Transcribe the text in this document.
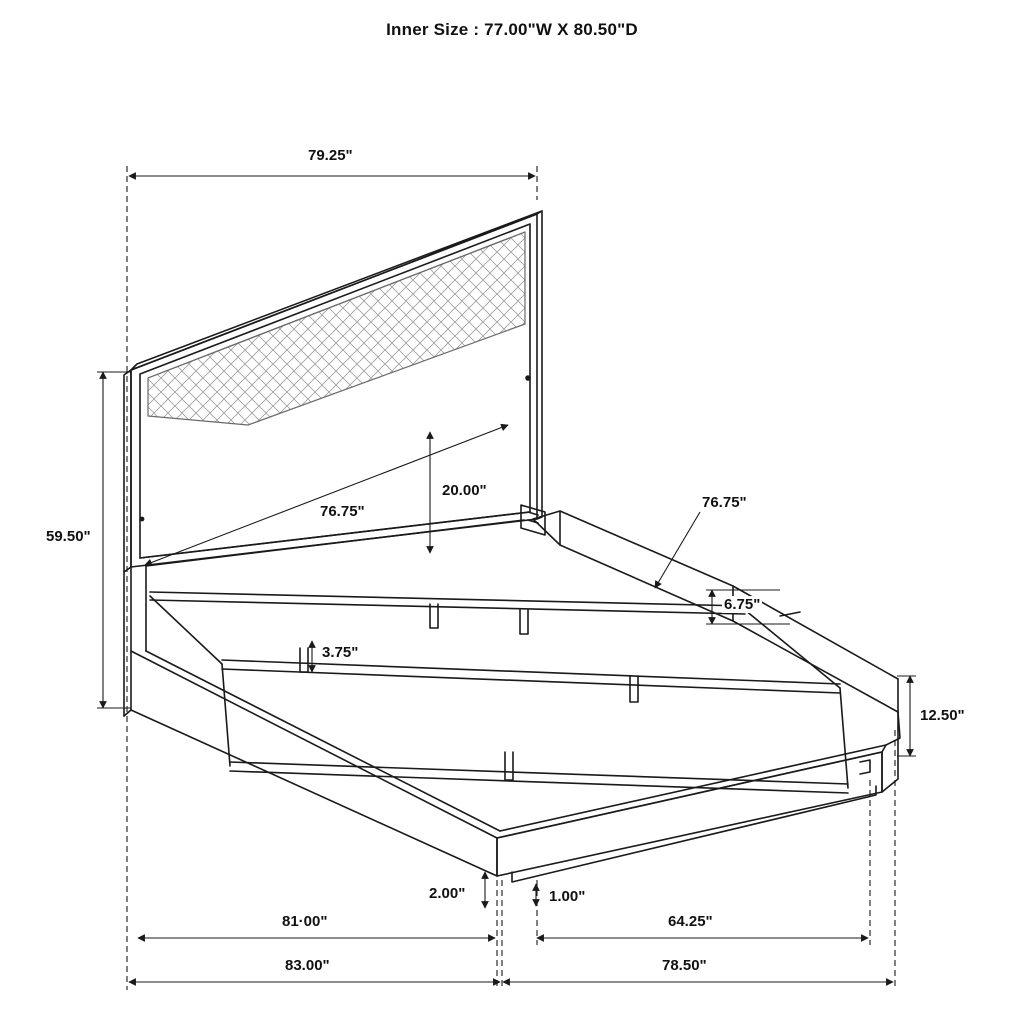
Inner Size : 77.00"W X 80.50"D
79.25"
59.50"
20.00"
76.75"
76.75"
6.75"
3.75"
12.50"
2.00"	1.00"
81·00"	64.25"
83.00"	78.50"
